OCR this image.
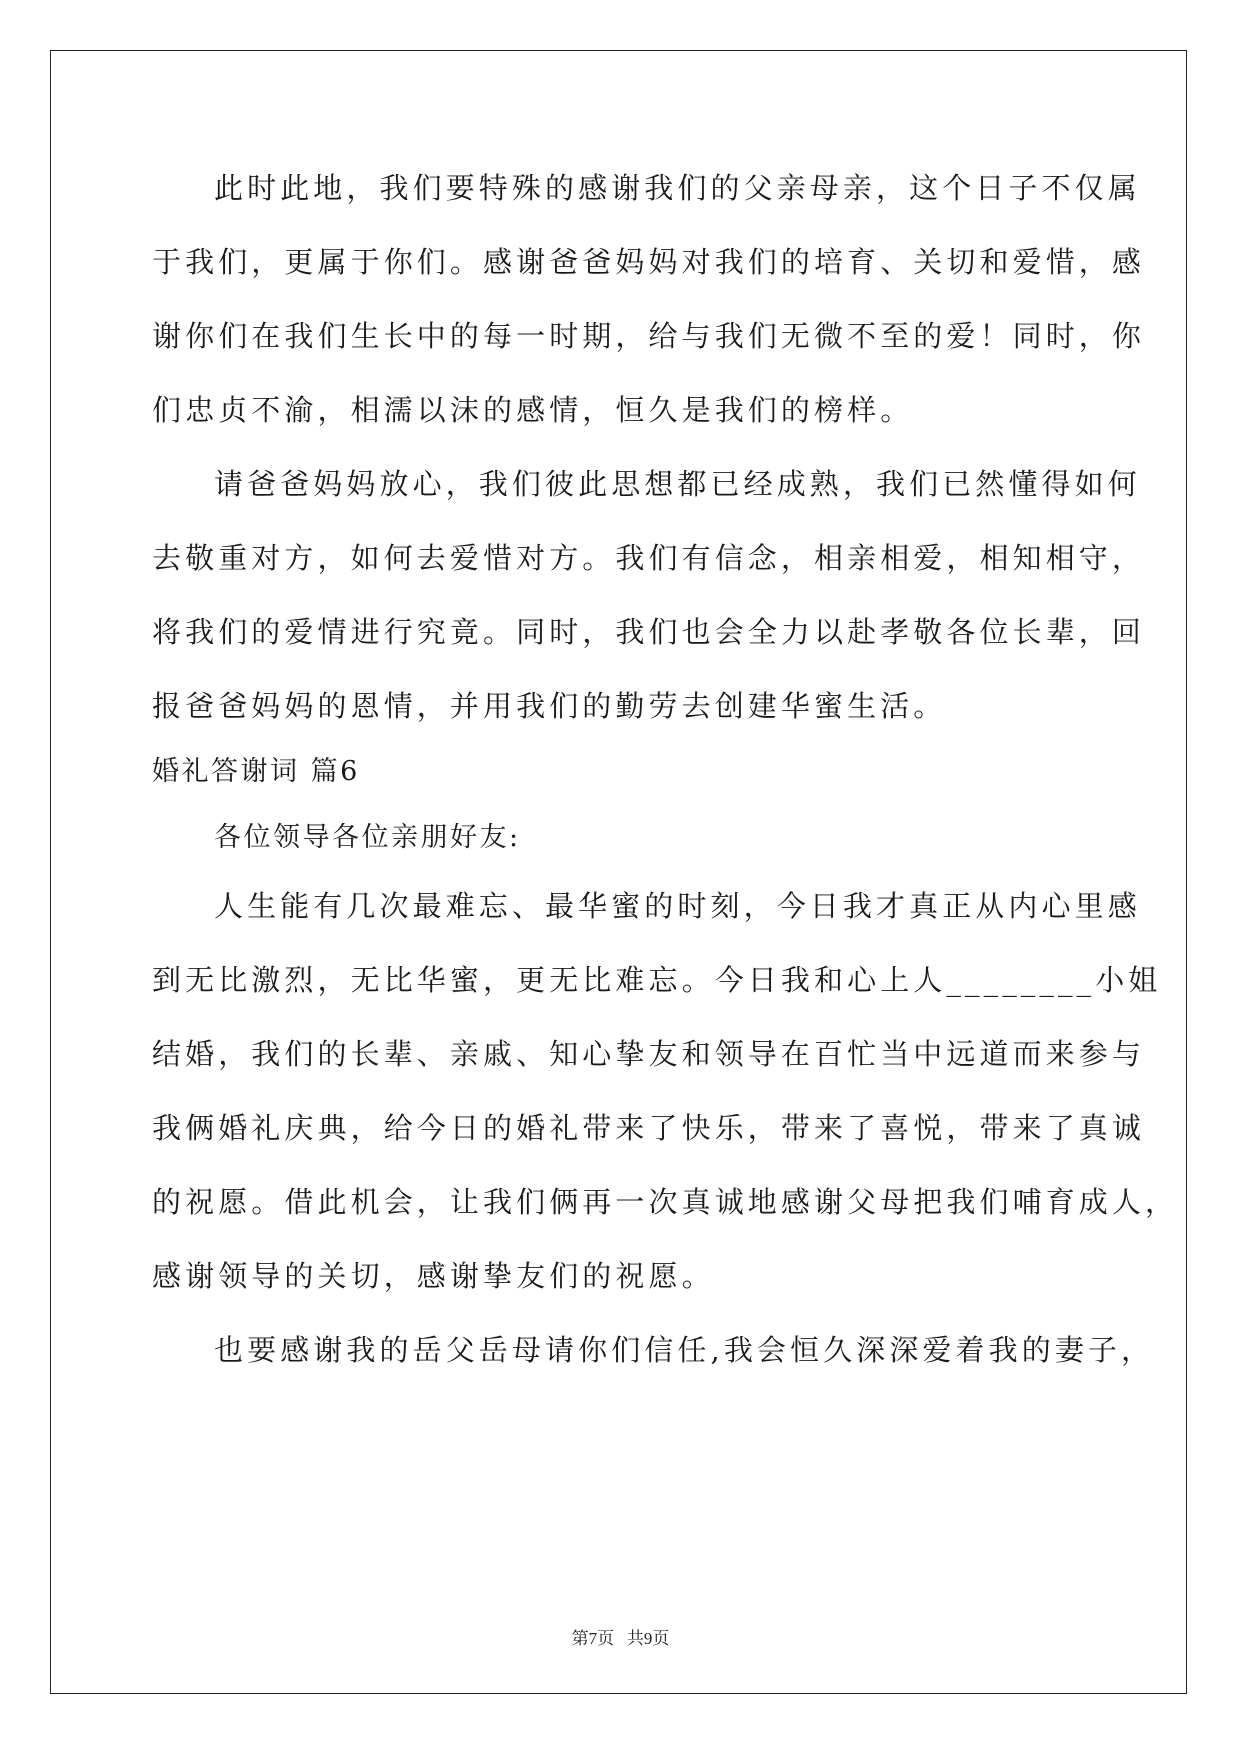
此时此地，我们要特殊的感谢我们的父亲母亲，这个日子不仅属
于我们，更属于你们。感谢爸爸妈妈对我们的培育、关切和爱惜，感
谢你们在我们生长中的每一时期，给与我们无微不至的爱！同时，你
们忠贞不渝，相濡以沫的感情，恒久是我们的榜样。
请爸爸妈妈放心，我们彼此思想都已经成熟，我们已然懂得如何
去敬重对方，如何去爱惜对方。我们有信念，相亲相爱，相知相守，
将我们的爱情进行究竟。同时，我们也会全力以赴孝敬各位长辈，回
报爸爸妈妈的恩情，并用我们的勤劳去创建华蜜生活。
婚礼答谢词 篇6
各位领导各位亲朋好友:
人生能有几次最难忘、最华蜜的时刻，今日我才真正从内心里感
到无比激烈，无比华蜜，更无比难忘。今日我和心上人________小姐
结婚，我们的长辈、亲戚、知心挚友和领导在百忙当中远道而来参与
我俩婚礼庆典，给今日的婚礼带来了快乐，带来了喜悦，带来了真诚
的祝愿。借此机会，让我们俩再一次真诚地感谢父母把我们哺育成人，
感谢领导的关切，感谢挚友们的祝愿。
也要感谢我的岳父岳母请你们信任,我会恒久深深爱着我的妻子，
第7页   共9页
